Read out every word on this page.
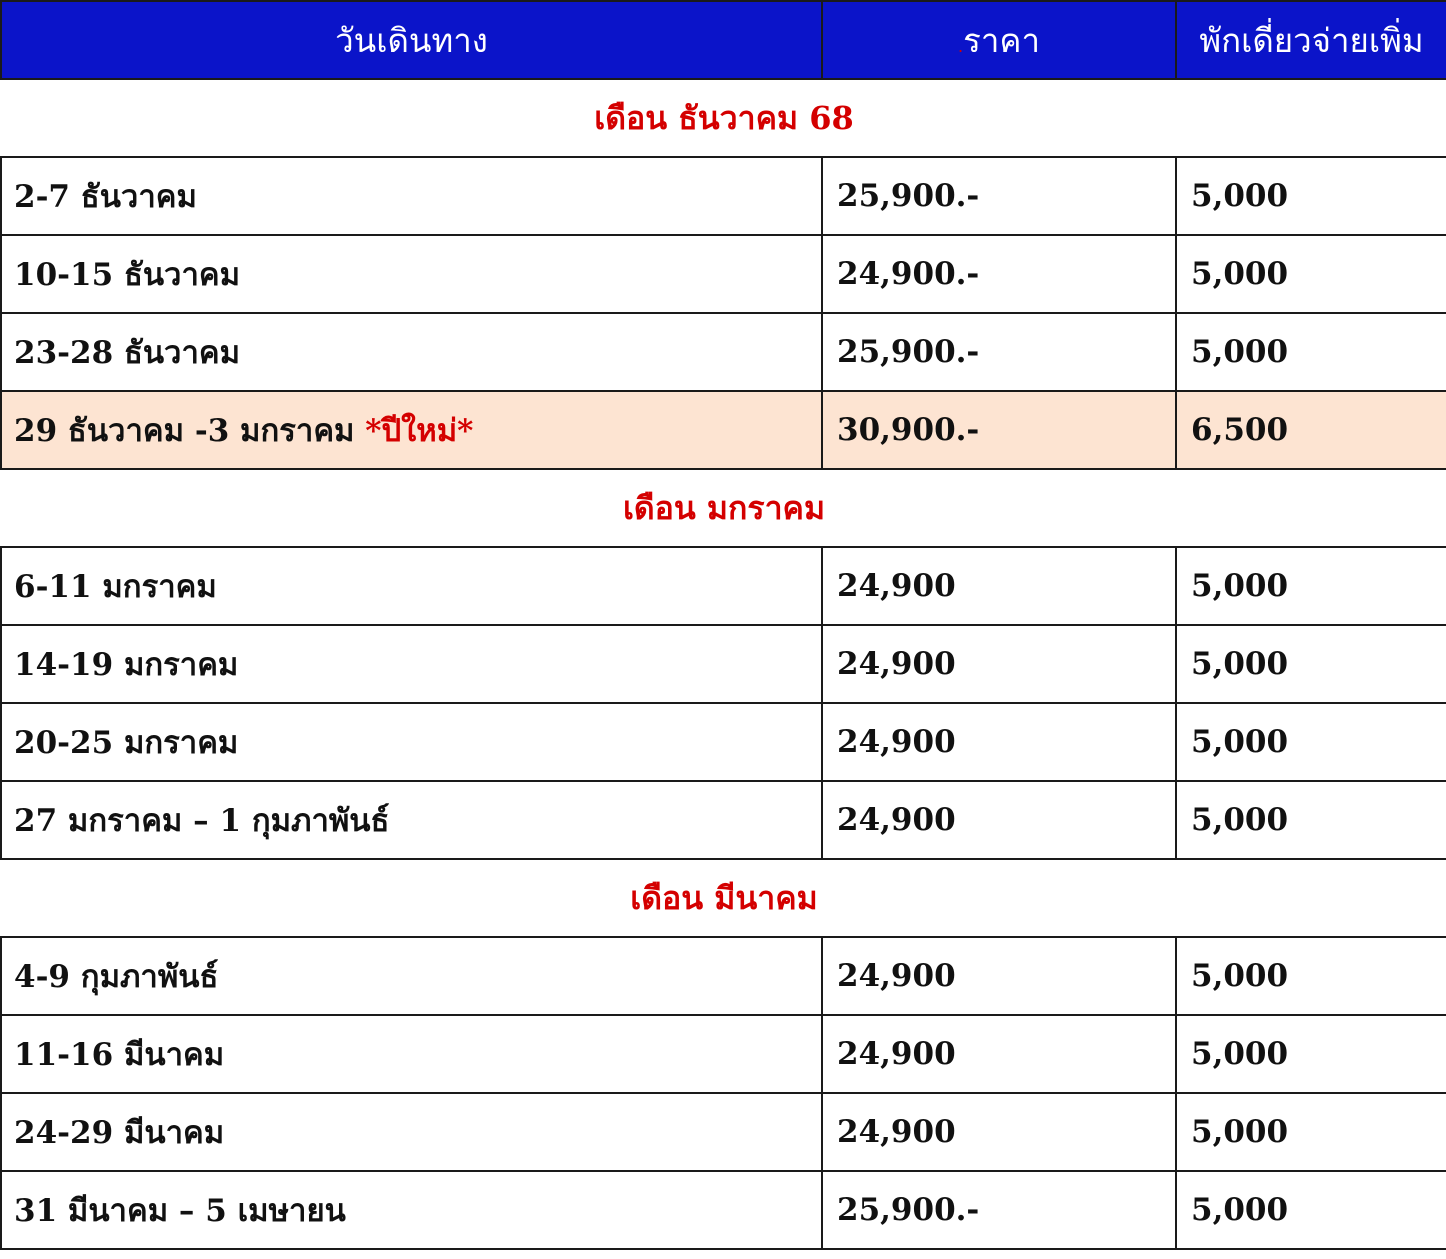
วันเดินทาง	.ราคา	พักเดี่ยวจ่ายเพิ่ม
เดือน ธันวาคม 68		
2-7 ธันวาคม	25,900.-	5,000
10-15 ธันวาคม	24,900.-	5,000
23-28 ธันวาคม	25,900.-	5,000
29 ธันวาคม -3 มกราคม *ปีใหม่*	30,900.-	6,500
เดือน มกราคม		
6-11 มกราคม	24,900	5,000
14-19 มกราคม	24,900	5,000
20-25 มกราคม	24,900	5,000
27 มกราคม – 1 กุมภาพันธ์	24,900	5,000
เดือน มีนาคม		
4-9 กุมภาพันธ์	24,900	5,000
11-16 มีนาคม	24,900	5,000
24-29 มีนาคม	24,900	5,000
31 มีนาคม – 5 เมษายน	25,900.-	5,000
